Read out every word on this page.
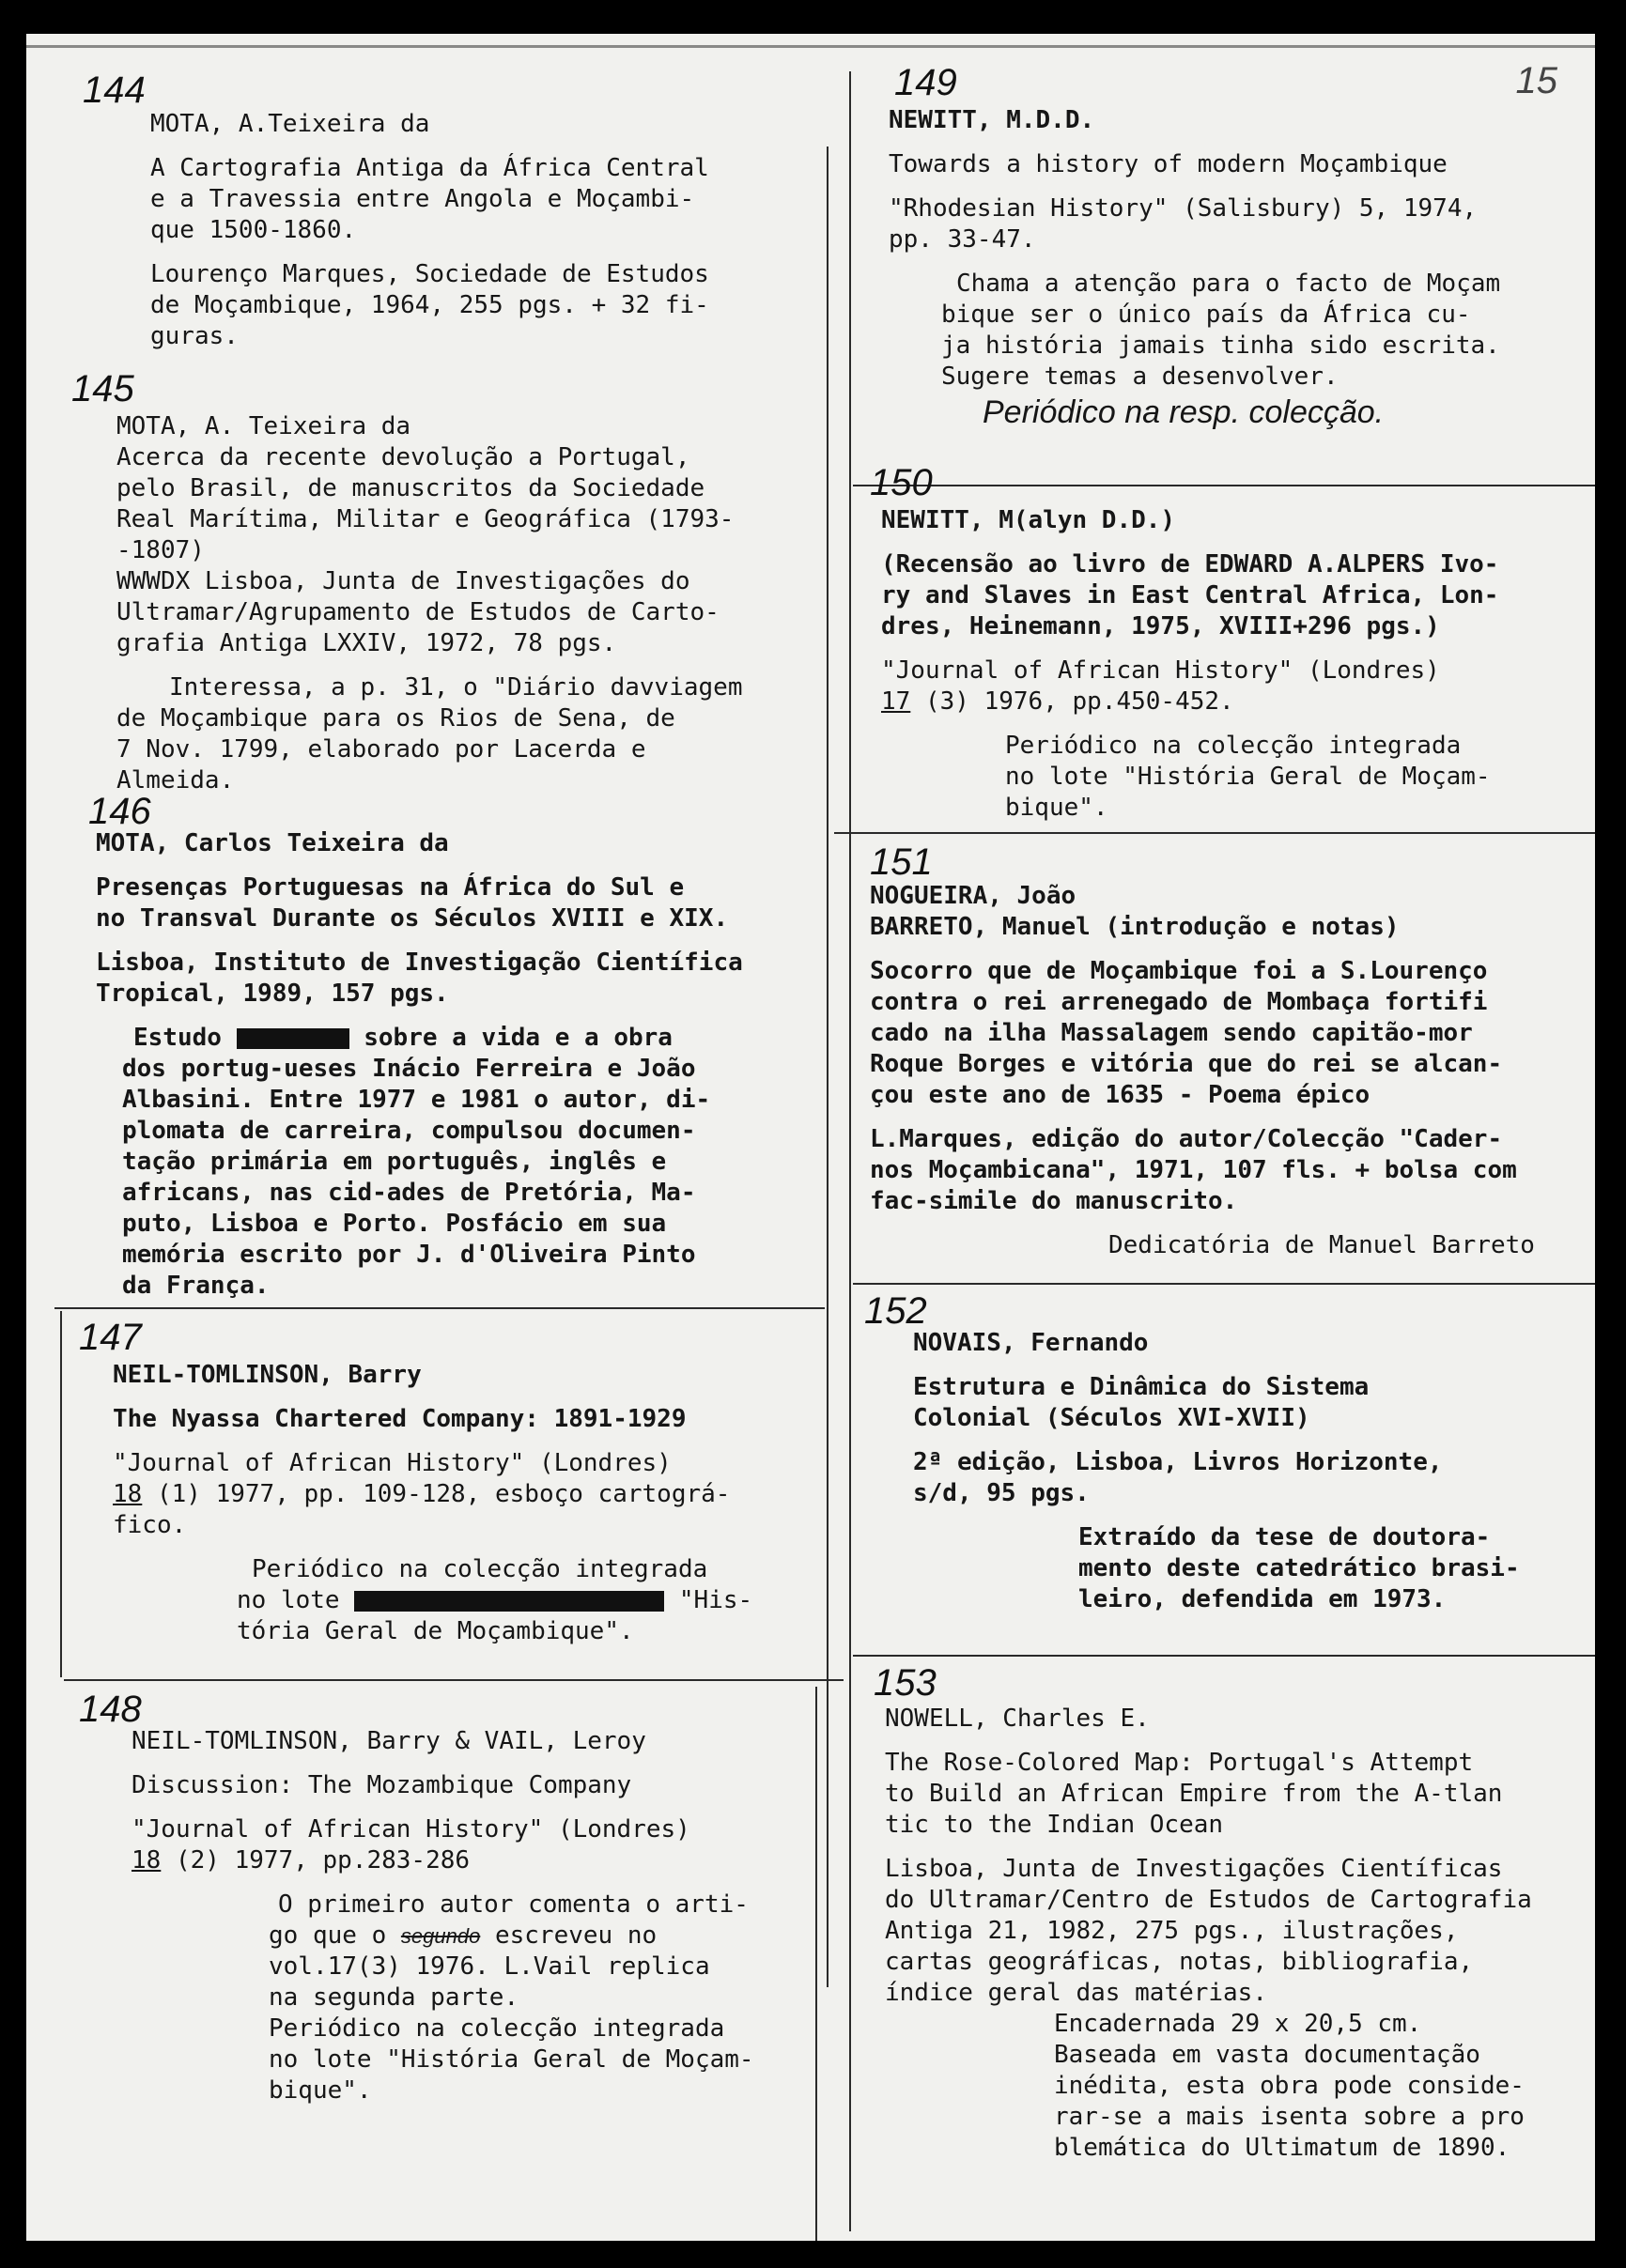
15
144
MOTA, A.Teixeira da
A Cartografia Antiga da África Central
e a Travessia entre Angola e Moçambi-
que 1500-1860.
Lourenço Marques, Sociedade de Estudos
de Moçambique, 1964, 255 pgs. + 32 fi-
guras.
145
MOTA, A. Teixeira da
Acerca da recente devolução a Portugal,
pelo Brasil, de manuscritos da Sociedade
Real Marítima, Militar e Geográfica (1793-
-1807)
WWWDX Lisboa, Junta de Investigações do
Ultramar/Agrupamento de Estudos de Carto-
grafia Antiga LXXIV, 1972, 78 pgs.
Interessa, a p. 31, o "Diário davviagem
de Moçambique para os Rios de Sena, de
7 Nov. 1799, elaborado por Lacerda e
Almeida.
146
MOTA, Carlos Teixeira da
Presenças Portuguesas na África do Sul e
no Transval Durante os Séculos XVIII e XIX.
Lisboa, Instituto de Investigação Científica
Tropical, 1989, 157 pgs.
Estudo	sobre a vida e a obra
dos portug-ueses Inácio Ferreira e João
Albasini. Entre 1977 e 1981 o autor, di-
plomata de carreira, compulsou documen-
tação primária em português, inglês e
africans, nas cid-ades de Pretória, Ma-
puto, Lisboa e Porto. Posfácio em sua
memória escrito por J. d'Oliveira Pinto
da França.
147
NEIL-TOMLINSON, Barry
The Nyassa Chartered Company: 1891-1929
"Journal of African History" (Londres)
18 (1) 1977, pp. 109-128, esboço cartográ-
fico.
Periódico na colecção integrada
no lote	"His-
tória Geral de Moçambique".
148
NEIL-TOMLINSON, Barry & VAIL, Leroy
Discussion: The Mozambique Company
"Journal of African History" (Londres)
18 (2) 1977, pp.283-286
O primeiro autor comenta o arti-
go que o segundo escreveu no
vol.17(3) 1976. L.Vail replica
na segunda parte.
Periódico na colecção integrada
no lote "História Geral de Moçam-
bique".
149
NEWITT, M.D.D.
Towards a history of modern Moçambique
"Rhodesian History" (Salisbury) 5, 1974,
pp. 33-47.
Chama a atenção para o facto de Moçam
bique ser o único país da África cu-
ja história jamais tinha sido escrita.
Sugere temas a desenvolver.
Periódico na resp. colecção.
150
NEWITT, M(alyn D.D.)
(Recensão ao livro de EDWARD A.ALPERS Ivo-
ry and Slaves in East Central Africa, Lon-
dres, Heinemann, 1975, XVIII+296 pgs.)
"Journal of African History" (Londres)
17 (3) 1976, pp.450-452.
Periódico na colecção integrada
no lote "História Geral de Moçam-
bique".
151
NOGUEIRA, João
BARRETO, Manuel (introdução e notas)
Socorro que de Moçambique foi a S.Lourenço
contra o rei arrenegado de Mombaça fortifi
cado na ilha Massalagem sendo capitão-mor
Roque Borges e vitória que do rei se alcan-
çou este ano de 1635 - Poema épico
L.Marques, edição do autor/Colecção "Cader-
nos Moçambicana", 1971, 107 fls. + bolsa com
fac-simile do manuscrito.
Dedicatória de Manuel Barreto
152
NOVAIS, Fernando
Estrutura e Dinâmica do Sistema
Colonial (Séculos XVI-XVII)
2ª edição, Lisboa, Livros Horizonte,
s/d, 95 pgs.
Extraído da tese de doutora-
mento deste catedrático brasi-
leiro, defendida em 1973.
153
NOWELL, Charles E.
The Rose-Colored Map: Portugal's Attempt
to Build an African Empire from the A-tlan
tic to the Indian Ocean
Lisboa, Junta de Investigações Científicas
do Ultramar/Centro de Estudos de Cartografia
Antiga 21, 1982, 275 pgs., ilustrações,
cartas geográficas, notas, bibliografia,
índice geral das matérias.
Encadernada 29 x 20,5 cm.
Baseada em vasta documentação
inédita, esta obra pode conside-
rar-se a mais isenta sobre a pro
blemática do Ultimatum de 1890.
